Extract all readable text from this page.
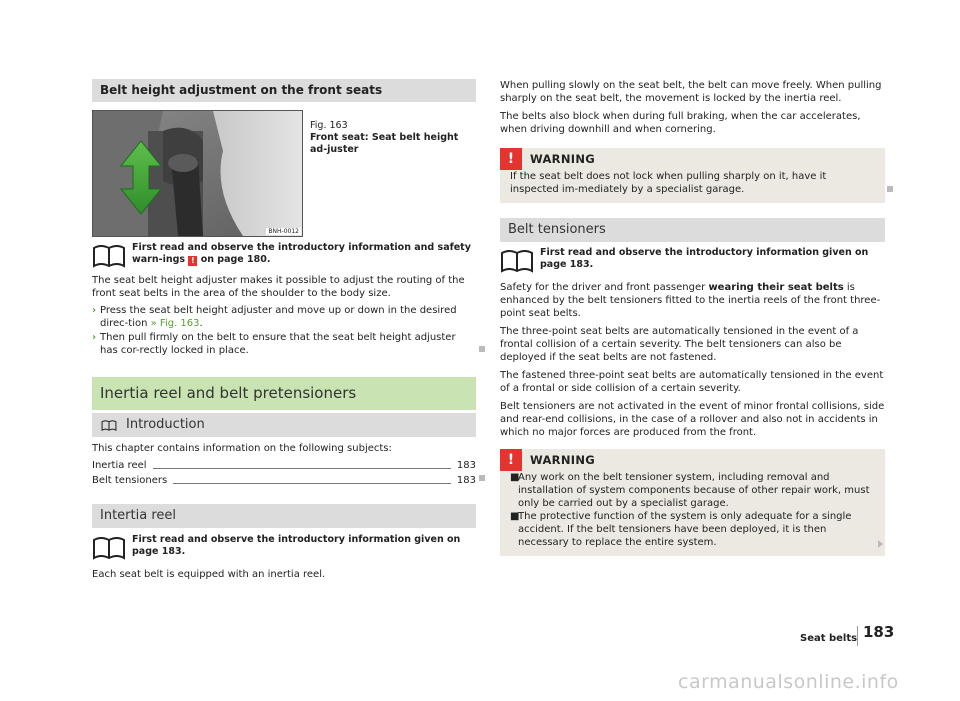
Belt height adjustment on the front seats
BNH-0012
Fig. 163
Front seat: Seat belt height ad-juster
First read and observe the introductory information and safety warn-ings ! on page 180.

The seat belt height adjuster makes it possible to adjust the routing of the front seat belts in the area of the shoulder to the body size.

› Press the seat belt height adjuster and move up or down in the desired direc-tion » Fig. 163.
› Then pull firmly on the belt to ensure that the seat belt height adjuster has cor-rectly locked in place.
Inertia reel and belt pretensioners
Introduction

This chapter contains information on the following subjects:

Inertia reel	183
Belt tensioners	183
Intertia reel
First read and observe the introductory information given on page 183.

Each seat belt is equipped with an inertia reel.

When pulling slowly on the seat belt, the belt can move freely. When pulling sharply on the seat belt, the movement is locked by the inertia reel.

The belts also block when during full braking, when the car accelerates, when driving downhill and when cornering.

!	WARNING

If the seat belt does not lock when pulling sharply on it, have it inspected im-mediately by a specialist garage.

Belt tensioners
First read and observe the introductory information given on page 183.

Safety for the driver and front passenger wearing their seat belts is enhanced by the belt tensioners fitted to the inertia reels of the front three-point seat belts.

The three-point seat belts are automatically tensioned in the event of a frontal collision of a certain severity. The belt tensioners can also be deployed if the seat belts are not fastened.

The fastened three-point seat belts are automatically tensioned in the event of a frontal or side collision of a certain severity.

Belt tensioners are not activated in the event of minor frontal collisions, side and rear-end collisions, in the case of a rollover and also not in accidents in which no major forces are produced from the front.

!	WARNING
■
Any work on the belt tensioner system, including removal and installation of system components because of other repair work, must only be carried out by a specialist garage.
■
The protective function of the system is only adequate for a single accident. If the belt tensioners have been deployed, it is then necessary to replace the entire system.
Seat belts 183
carmanualsonline.info
